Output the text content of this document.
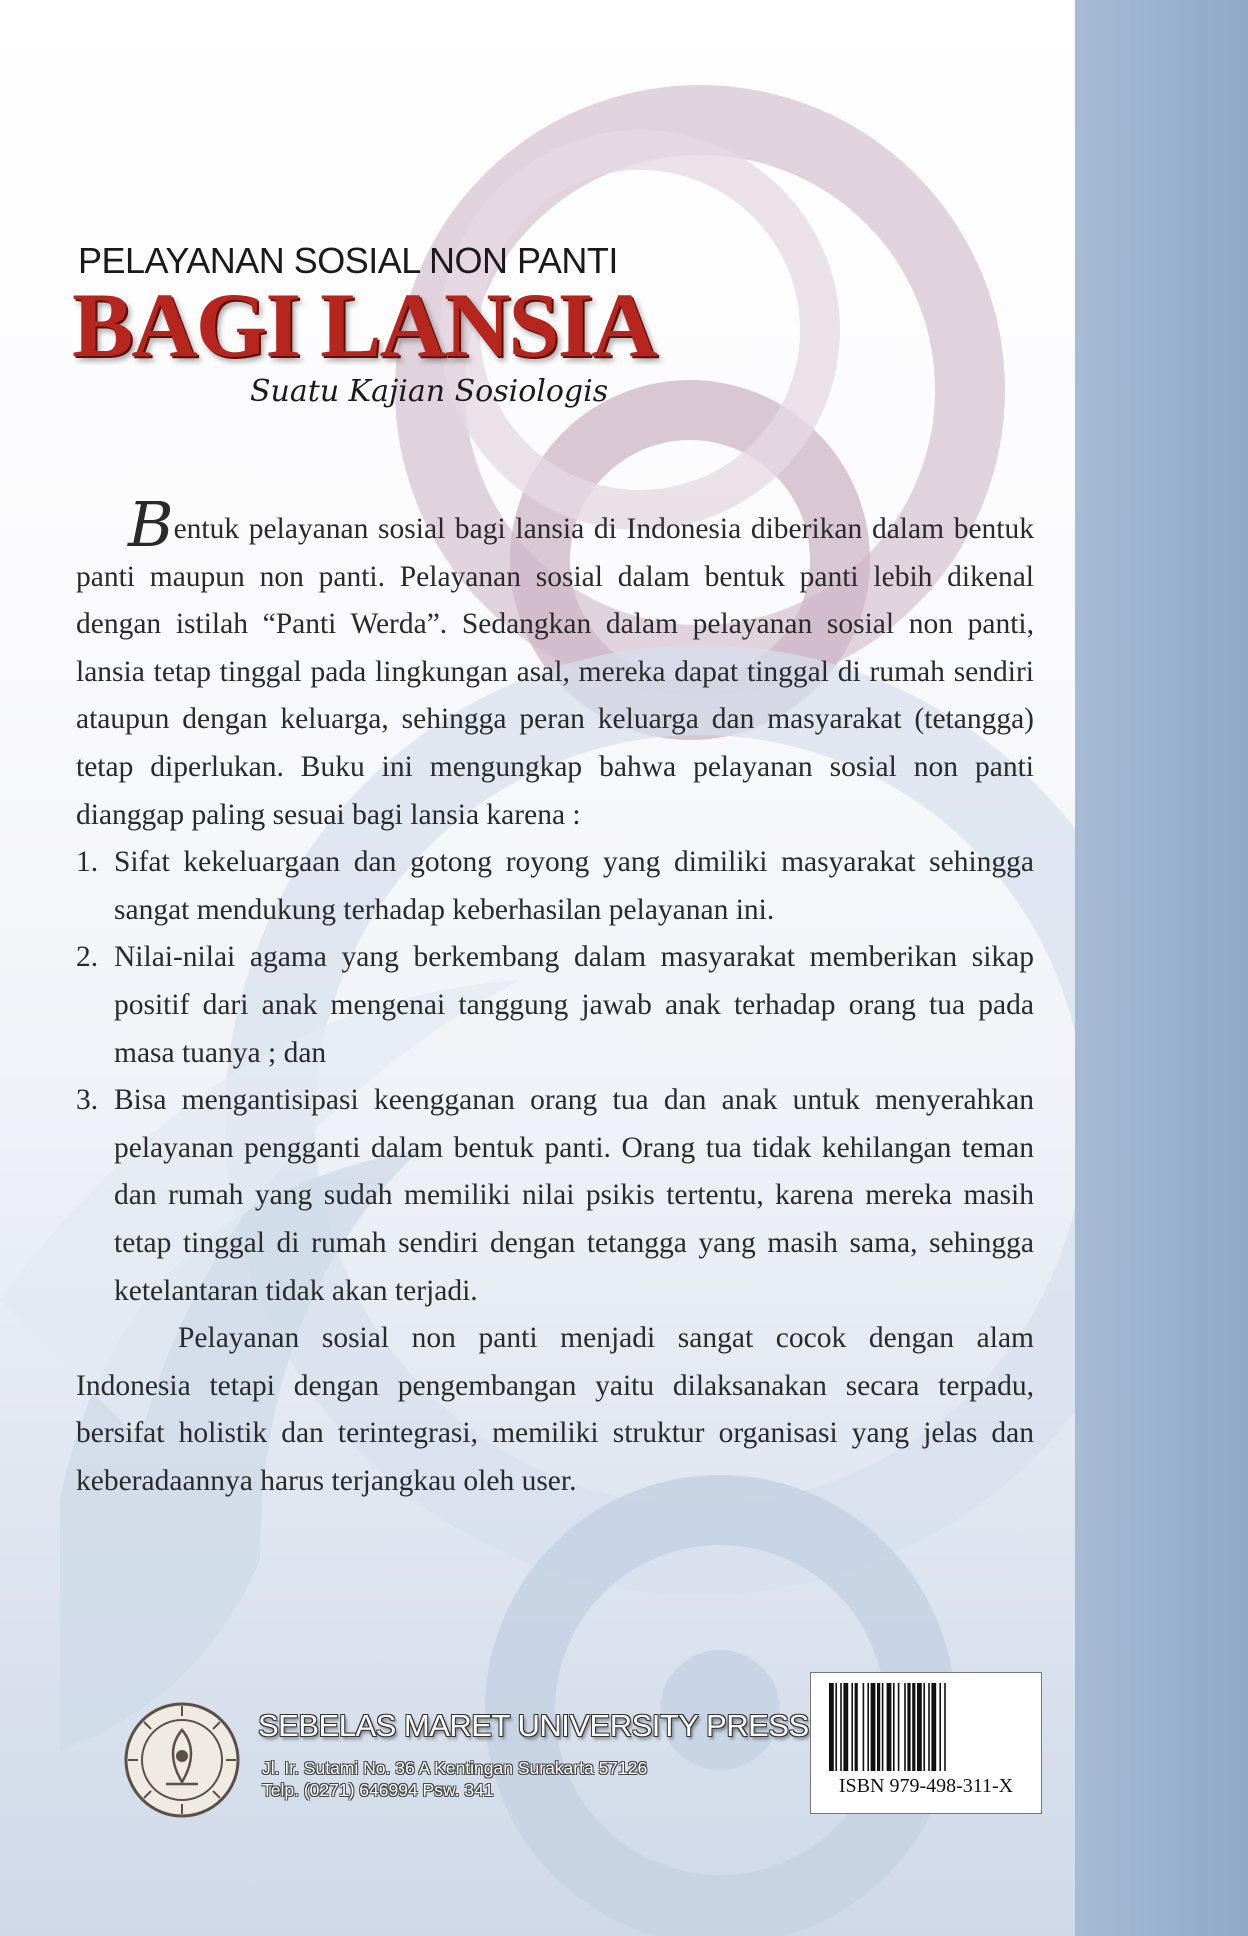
PELAYANAN SOSIAL NON PANTI
BAGI LANSIA
Suatu Kajian Sosiologis

Bentuk pelayanan sosial bagi lansia di Indonesia diberikan dalam bentuk panti maupun non panti. Pelayanan sosial dalam bentuk panti lebih dikenal dengan istilah “Panti Werda”. Sedangkan dalam pelayanan sosial non panti, lansia tetap tinggal pada lingkungan asal, mereka dapat tinggal di rumah sendiri ataupun dengan keluarga, sehingga peran keluarga dan masyarakat (tetangga) tetap diperlukan. Buku ini mengungkap bahwa pelayanan sosial non panti dianggap paling sesuai bagi lansia karena :

1. Sifat kekeluargaan dan gotong royong yang dimiliki masyarakat sehingga sangat mendukung terhadap keberhasilan pelayanan ini.
2. Nilai-nilai agama yang berkembang dalam masyarakat memberikan sikap positif dari anak mengenai tanggung jawab anak terhadap orang tua pada masa tuanya ; dan
3. Bisa mengantisipasi keengganan orang tua dan anak untuk menyerahkan pelayanan pengganti dalam bentuk panti. Orang tua tidak kehilangan teman dan rumah yang sudah memiliki nilai psikis tertentu, karena mereka masih tetap tinggal di rumah sendiri dengan tetangga yang masih sama, sehingga ketelantaran tidak akan terjadi.

Pelayanan sosial non panti menjadi sangat cocok dengan alam Indonesia tetapi dengan pengembangan yaitu dilaksanakan secara terpadu, bersifat holistik dan terintegrasi, memiliki struktur organisasi yang jelas dan keberadaannya harus terjangkau oleh user.

SEBELAS MARET UNIVERSITY PRESS
Jl. Ir. Sutami No. 36 A Kentingan Surakarta 57126
Telp. (0271) 646994 Psw. 341	ISBN 979-498-311-X
